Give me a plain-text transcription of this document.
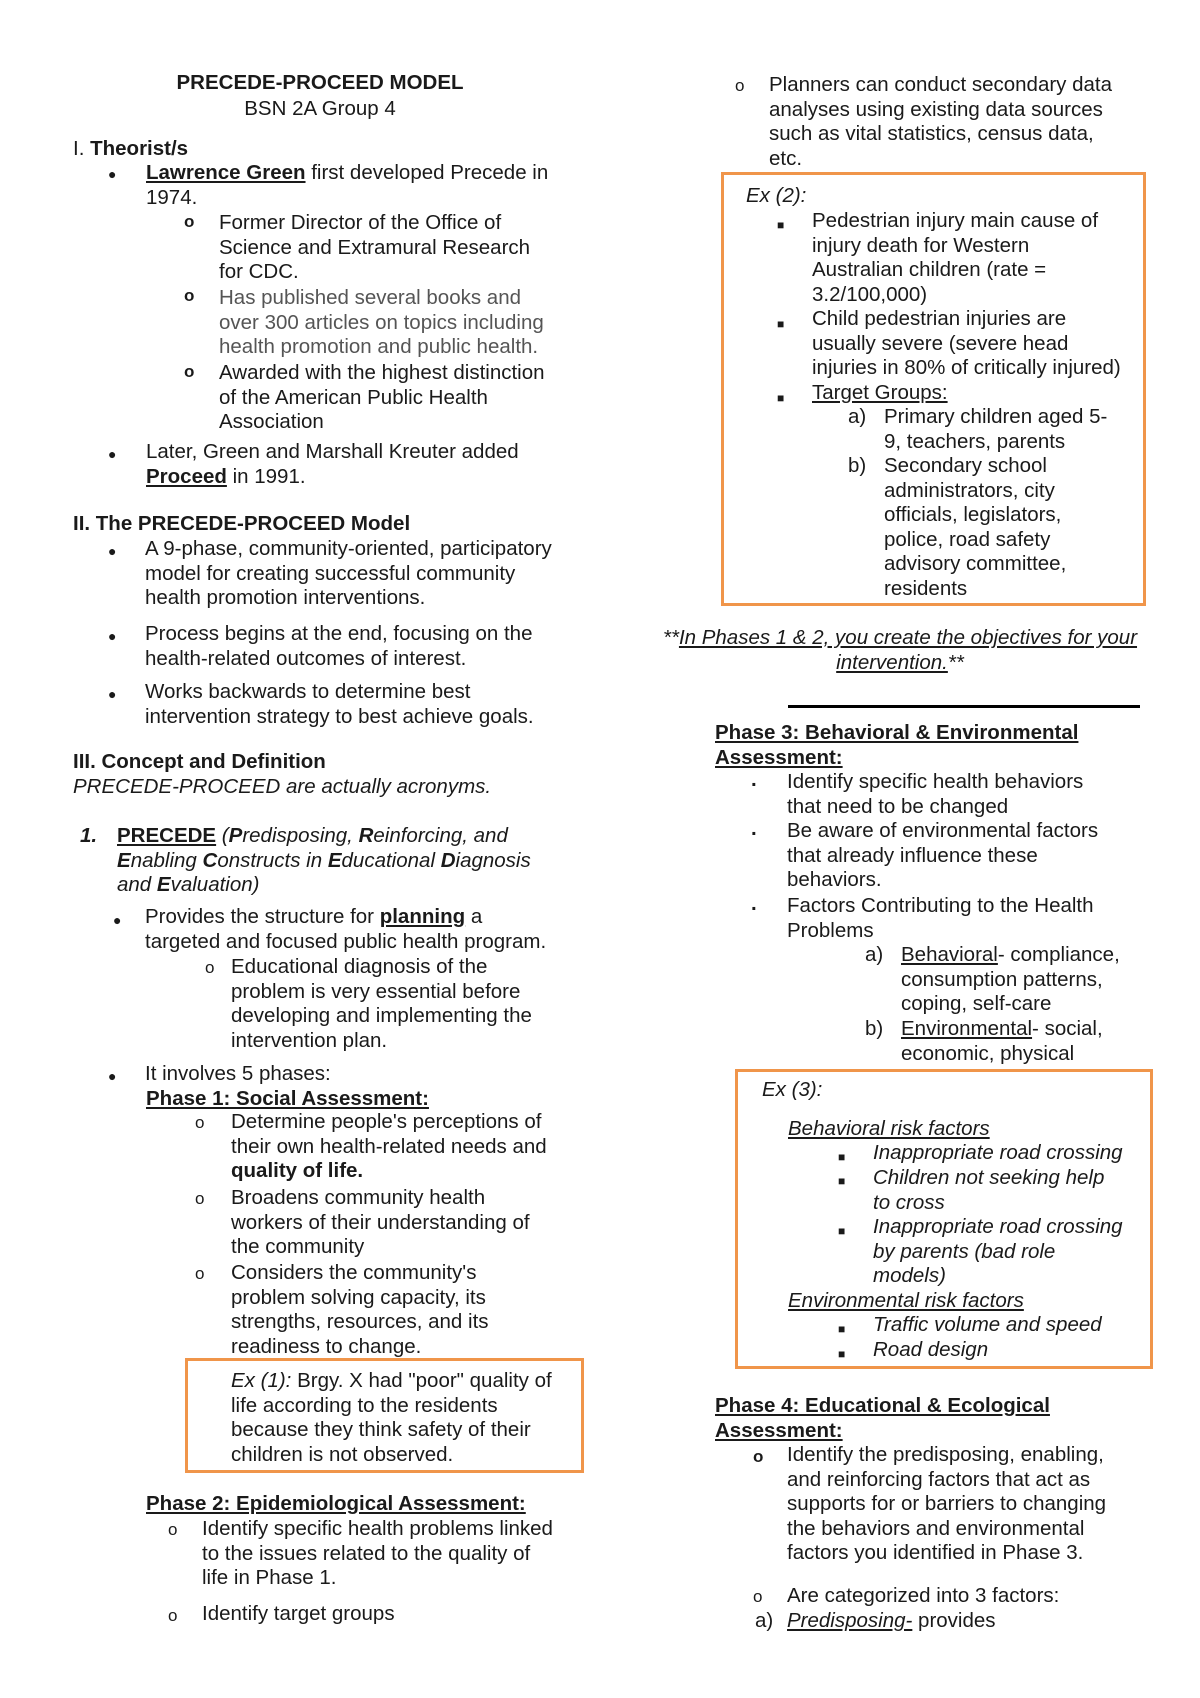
PRECEDE-PROCEED MODEL
BSN 2A Group 4
I. Theorist/s
● Lawrence Green first developed Precede in
1974.
o Former Director of the Office of
Science and Extramural Research
for CDC.
o Has published several books and
over 300 articles on topics including
health promotion and public health.
o Awarded with the highest distinction
of the American Public Health
Association
● Later, Green and Marshall Kreuter added
Proceed in 1991.
II. The PRECEDE-PROCEED Model
● A 9-phase, community-oriented, participatory
model for creating successful community
health promotion interventions.
● Process begins at the end, focusing on the
health-related outcomes of interest.
● Works backwards to determine best
intervention strategy to best achieve goals.
III. Concept and Definition
PRECEDE-PROCEED are actually acronyms.
1. PRECEDE (Predisposing, Reinforcing, and
Enabling Constructs in Educational Diagnosis
and Evaluation)
● Provides the structure for planning a
targeted and focused public health program.
o Educational diagnosis of the
problem is very essential before
developing and implementing the
intervention plan.
● It involves 5 phases:
Phase 1: Social Assessment:
o Determine people's perceptions of
their own health-related needs and
quality of life.
o Broadens community health
workers of their understanding of
the community
o Considers the community's
problem solving capacity, its
strengths, resources, and its
readiness to change.
Ex (1): Brgy. X had "poor" quality of
life according to the residents
because they think safety of their
children is not observed.
Phase 2: Epidemiological Assessment:
o Identify specific health problems linked
to the issues related to the quality of
life in Phase 1.
o Identify target groups
o Planners can conduct secondary data
analyses using existing data sources
such as vital statistics, census data,
etc.
Ex (2):
■ Pedestrian injury main cause of
injury death for Western
Australian children (rate =
3.2/100,000)
■ Child pedestrian injuries are
usually severe (severe head
injuries in 80% of critically injured)
■ Target Groups:
a) Primary children aged 5-
9, teachers, parents
b) Secondary school
administrators, city
officials, legislators,
police, road safety
advisory committee,
residents
**In Phases 1 & 2, you create the objectives for your
intervention.**
Phase 3: Behavioral & Environmental
Assessment:
. Identify specific health behaviors
that need to be changed
. Be aware of environmental factors
that already influence these
behaviors.
. Factors Contributing to the Health
Problems
a) Behavioral- compliance,
consumption patterns,
coping, self-care
b) Environmental- social,
economic, physical
Ex (3):
Behavioral risk factors
■ Inappropriate road crossing
■ Children not seeking help
to cross
■ Inappropriate road crossing
by parents (bad role
models)
Environmental risk factors
■ Traffic volume and speed
■ Road design
Phase 4: Educational & Ecological
Assessment:
o Identify the predisposing, enabling,
and reinforcing factors that act as
supports for or barriers to changing
the behaviors and environmental
factors you identified in Phase 3.
o Are categorized into 3 factors:
a) Predisposing- provides
